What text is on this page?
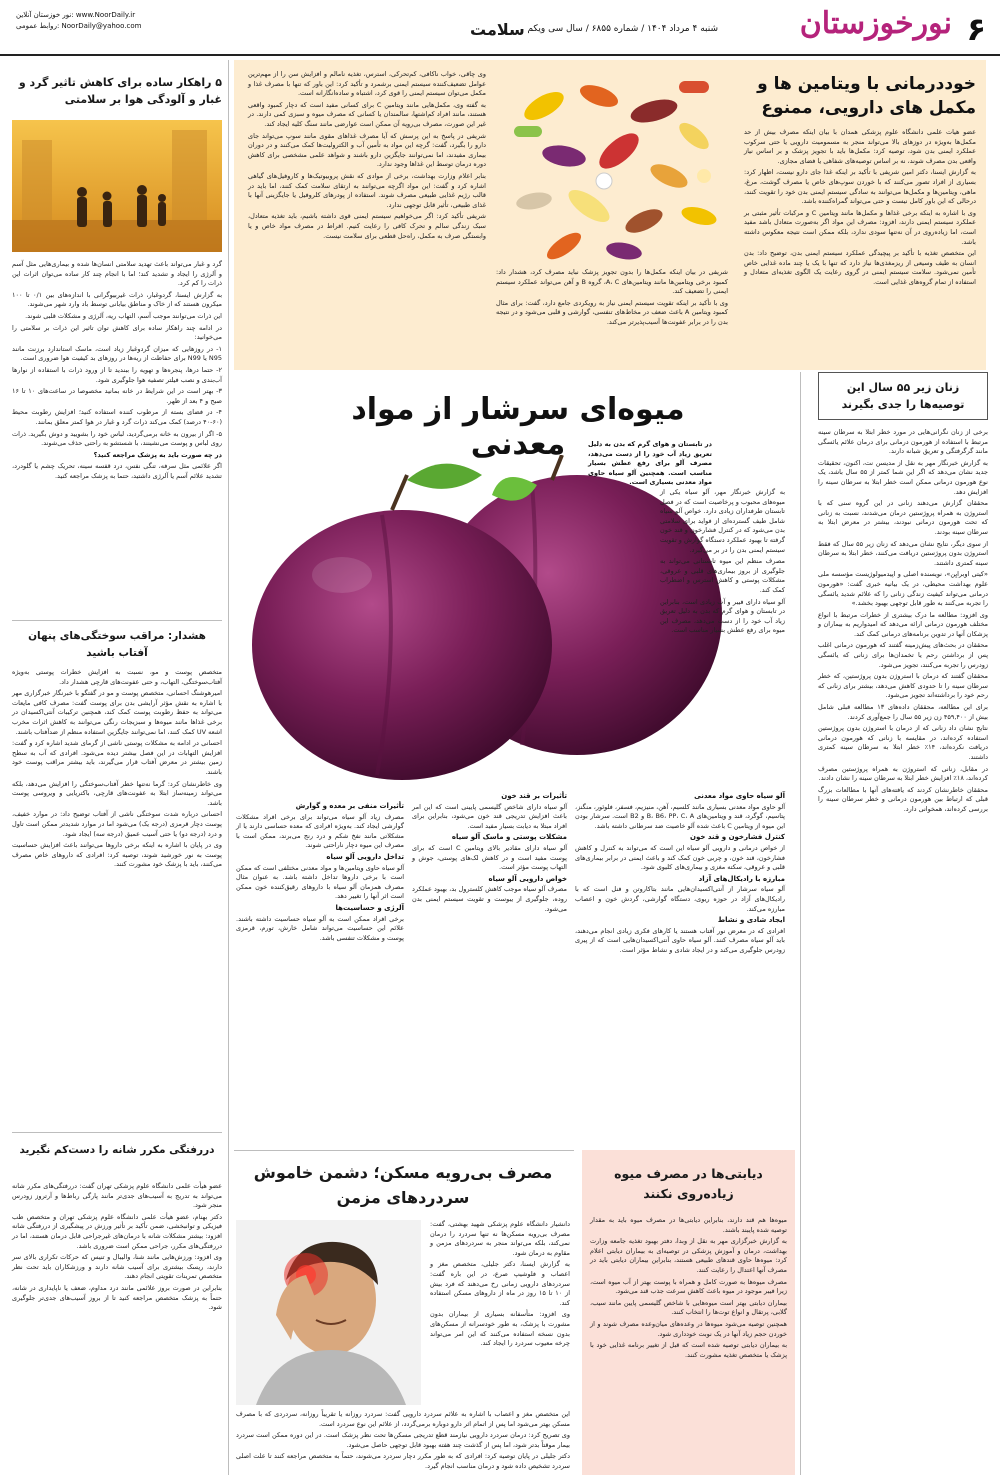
۶
نورخوزستان
شنبه ۴ مرداد ۱۴۰۴ / شماره ۶۸۵۵ / سال سی ویکم
سلامت
نور خوزستان آنلاین: www.NoorDaily.ir
روابط عمومی: NoorDaily@yahoo.com
خوددرمانی با ویتامین ها و مکمل های دارویی، ممنوع

عضو هیات علمی دانشگاه علوم پزشکی همدان با بیان اینکه مصرف بیش از حد مکمل‌ها به‌ویژه در دوزهای بالا می‌تواند منجر به مسمومیت دارویی یا حتی سرکوب عملکرد ایمنی بدن شود، توصیه کرد: مکمل‌ها باید با تجویز پزشک و بر اساس نیاز واقعی بدن مصرف شوند، نه بر اساس توصیه‌های شفاهی یا فضای مجازی.

به گزارش ایسنا، دکتر امین شریفی با تأکید بر اینکه غذا جای دارو نیست، اظهار کرد: بسیاری از افراد تصور می‌کنند که با خوردن سوپ‌های خاص یا مصرف گوشت، مرغ، ماهی، ویتامین‌ها و مکمل‌ها می‌توانند به سادگی سیستم ایمنی بدن خود را تقویت کنند، درحالی که این باور کامل نیست و حتی می‌تواند گمراه‌کننده باشد.

وی با اشاره به اینکه برخی غذاها و مکمل‌ها مانند ویتامین C و مرکبات تأثیر مثبتی بر عملکرد سیستم ایمنی دارند، افزود: مصرف این مواد اگر به‌صورت متعادل باشد مفید است، اما زیاده‌روی در آن نه‌تنها سودی ندارد، بلکه ممکن است نتیجه معکوس داشته باشد.

این متخصص تغذیه با تأکید بر پیچیدگی عملکرد سیستم ایمنی بدن، توضیح داد: بدن انسان به طیف وسیعی از ریزمغذی‌ها نیاز دارد که تنها با یک یا چند ماده غذایی خاص تأمین نمی‌شود. سلامت سیستم ایمنی در گروی رعایت یک الگوی تغذیه‌ای متعادل و استفاده از تمام گروه‌های غذایی است.

وی چاقی، خواب ناکافی، کم‌تحرکی، استرس، تغذیه نامالم و افزایش سن را از مهم‌ترین عوامل تضعیف‌کننده سیستم ایمنی برشمرد و تأکید کرد: این باور که تنها با مصرف غذا و مکمل می‌توان سیستم ایمنی را قوی کرد، اشتباه و ساده‌انگارانه است.

به گفته وی، مکمل‌هایی مانند ویتامین C برای کسانی مفید است که دچار کمبود واقعی هستند، مانند افراد کم‌اشتها، سالمندان یا کسانی که مصرف میوه و سبزی کمی دارند. در غیر این صورت، مصرف بی‌رویه آن ممکن است عوارضی مانند سنگ کلیه ایجاد کند.

شریفی در پاسخ به این پرسش که آیا مصرف غذاهای مقوی مانند سوپ می‌تواند جای دارو را بگیرد، گفت: گرچه این مواد به تأمین آب و الکترولیت‌ها کمک می‌کنند و در دوران بیماری مفیدند، اما نمی‌توانند جایگزین دارو باشند و شواهد علمی مشخصی برای کاهش دوره درمان توسط این غذاها وجود ندارد.

بنابر اعلام وزارت بهداشت، برخی از موادی که نقش پروبیوتیک‌ها و کاروفیل‌های گیاهی اشاره کرد و گفت: این مواد اگرچه می‌توانند به ارتقای سلامت کمک کنند، اما باید در قالب رژیم غذایی طبیعی مصرف شوند. استفاده از پودرهای کلروفیل یا جایگزینی آنها با غذای طبیعی، تأثیر قابل توجهی ندارد.

شریفی تأکید کرد: اگر می‌خواهیم سیستم ایمنی قوی داشته باشیم، باید تغذیه متعادل، سبک زندگی سالم و تحرک کافی را رعایت کنیم. افراط در مصرف مواد خاص و یا وابستگی صرف به مکمل، راه‌حل قطعی برای سلامت نیست.

شریفی در بیان اینکه مکمل‌ها را بدون تجویز پزشک نباید مصرف کرد، هشدار داد: کمبود برخی ویتامین‌ها مانند ویتامین‌های A، C، گروه B و آهن می‌تواند عملکرد سیستم ایمنی را تضعیف کند.

وی با تأکید بر اینکه تقویت سیستم ایمنی نیاز به رویکردی جامع دارد، گفت: برای مثال کمبود ویتامین A باعث ضعف در مخاط‌های تنفسی، گوارشی و قلبی می‌شود و در نتیجه بدن را در برابر عفونت‌ها آسیب‌پذیرتر می‌کند.

۵ راهکار ساده برای کاهش تاثیر گرد و غبار و آلودگی هوا بر سلامتی

گرد و غبار می‌تواند باعث تهدید سلامتی انسان‌ها شده و بیماری‌هایی مثل آسم و آلرژی را ایجاد و تشدید کند؛ اما با انجام چند کار ساده می‌توان اثرات این ذرات را کم کرد.

به گزارش ایسنا، گردوغبار، ذرات غیربیوگرانی با اندازه‌های بین ۰/۱ تا ۱۰۰ میکرون هستند که از خاک و مناطق بیابانی توسط باد وارد شهر می‌شوند.

این ذرات می‌توانند موجب آسم، التهاب ریه، آلرژی و مشکلات قلبی شوند.

در ادامه چند راهکار ساده برای کاهش توان تاثیر این ذرات بر سلامتی را می‌خوانید:

۱- در روزهایی که میزان گردوغبار زیاد است، ماسک استاندارد برزنت مانند N95 یا N99 برای حفاظت از ریه‌ها در روزهای بد کیفیت هوا ضروری است.

۲- حتما درها، پنجره‌ها و تهویه را ببندید تا از ورود ذرات با استفاده از نوارها آب‌بندی و نصب فیلتر تصفیه هوا جلوگیری شود.

۳- بهتر است در این شرایط در خانه بمانید مخصوصا در ساعت‌های ۱۰ تا ۱۶ صبح و ۴ بعد از ظهر.

۴- در فضای بسته از مرطوب کننده استفاده کنید؛ افزایش رطوبت محیط (۶۰-۴۰ درصد) کمک می‌کند ذرات گرد و غبار در هوا کمتر معلق بمانند.

۵- اگر از بیرون به خانه برمی‌گردید، لباس خود را بشویید و دوش بگیرید. ذرات روی لباس و پوست می‌نشینند، با شستشو به راحتی حذف می‌شوند.

در چه صورت باید به پزشک مراجعه کنید؟

اگر علائمی مثل سرفه، تنگی نفس، درد قفسه سینه، تحریک چشم یا گلودرد، تشدید علائم آسم یا آلرژی داشتید، حتما به پزشک مراجعه کنید.

هشدار: مراقب سوختگی‌های پنهان آفتاب باشید

متخصص پوست و مو، نسبت به افزایش خطرات پوستی به‌ویژه آفتاب‌سوختگی، التهاب، و حتی عفونت‌های قارچی هشدار داد.

امیرهوشنگ احسانی، متخصص پوست و مو در گفتگو با خبرنگار خبرگزاری مهر با اشاره به نقش مؤثر آرایشی بدن برای پوست گفت: مصرف کافی مایعات می‌تواند به حفظ رطوبت پوست کمک کند، همچنین ترکیبات آنتی‌اکسیدان در برخی غذاها مانند میوه‌ها و سبزیجات رنگی می‌توانند به کاهش اثرات مخرب اشعه UV کمک کنند، اما نمی‌توانند جایگزین استفاده منظم از ضدآفتاب باشند.

احسانی در ادامه به مشکلات پوستی ناشی از گرمای شدید اشاره کرد و گفت: افزایش التهابات در این فصل بیشتر دیده می‌شود. افرادی که آب به سطح زمین بیشتر در معرض آفتاب قرار می‌گیرند، باید بیشتر مراقب پوست خود باشند.

وی خاطرنشان کرد: گرما نه‌تنها خطر آفتاب‌سوختگی را افزایش می‌دهد، بلکه می‌تواند زمینه‌ساز ابتلا به عفونت‌های قارچی، باکتریایی و ویروسی پوست باشد.

احسانی درباره شدت سوختگی ناشی از آفتاب توضیح داد: در موارد خفیف، پوست دچار قرمزی (درجه یک) می‌شود اما در موارد شدیدتر ممکن است تاول و درد (درجه دو) یا حتی آسیب عمیق (درجه سه) ایجاد شود.

وی در پایان با اشاره به اینکه برخی داروها می‌توانند باعث افزایش حساسیت پوست به نور خورشید شوند، توصیه کرد: افرادی که داروهای خاص مصرف می‌کنند، باید با پزشک خود مشورت کنند.

دررفتگی مکرر شانه را دست‌کم نگیرید

عضو هیأت علمی دانشگاه علوم پزشکی تهران گفت: دررفتگی‌های مکرر شانه می‌تواند به تدریج به آسیب‌های جدی‌تر مانند پارگی رباط‌ها و آرتروز زودرس منجر شود.

دکتر بهنام، عضو هیأت علمی دانشگاه علوم پزشکی تهران و متخصص طب فیزیکی و توانبخشی، ضمن تأکید بر تأثیر ورزش در پیشگیری از دررفتگی شانه افزود: بیشتر مشکلات شانه با درمان‌های غیرجراحی قابل درمان هستند، اما در دررفتگی‌های مکرر، جراحی ممکن است ضروری باشد.

وی افزود: ورزش‌هایی مانند شنا، والیبال و تنیس که حرکات تکراری بالای سر دارند، ریسک بیشتری برای آسیب شانه دارند و ورزشکاران باید تحت نظر متخصص تمرینات تقویتی انجام دهند.

بنابراین در صورت بروز علائمی مانند درد مداوم، ضعف یا ناپایداری در شانه، حتماً به پزشک متخصص مراجعه کنید تا از بروز آسیب‌های جدی‌تر جلوگیری شود.

میوه‌ای سرشار از مواد معدنی	در تابستان و هوای گرم که بدن به دلیل تعریق زیاد آب خود را از دست می‌دهد، مصرف آلو برای رفع عطش بسیار مناسب است. همچنین آلو سیاه حاوی مواد معدنی بسیاری است.

به گزارش خبرنگار مهر، آلو سیاه یکی از میوه‌های محبوب و پرخاصیت است که در فصل تابستان طرفداران زیادی دارد. خواص آلو سیاه شامل طیف گسترده‌ای از فواید برای سلامتی بدن می‌شود که در کنترل فشارخون و قند خون گرفته تا بهبود عملکرد دستگاه گوارش و تقویت سیستم ایمنی بدن را در بر می‌گیرد.

مصرف منظم این میوه تابستانی می‌تواند به جلوگیری از بروز بیماری‌های قلبی و عروقی، مشکلات پوستی و کاهش استرس و اضطراب کمک کند.

آلو سیاه دارای فیبر و آب زیادی است، بنابراین در تابستان و هوای گرم که بدن به دلیل تعریق زیاد آب خود را از دست می‌دهد، مصرف این میوه برای رفع عطش بسیار مناسب است.

آلو سیاه حاوی مواد معدنی

آلو حاوی مواد معدنی بسیاری مانند کلسیم، آهن، منیزیم، فسفر، فلوئور، منگنز، پتاسیم، گوگرد، قند و ویتامین‌های B، B6، PP، C، A و B2 است. سرشار بودن این میوه از ویتامین C باعث شده آلو خاصیت ضد سرطانی داشته باشد.

کنترل فشارخون و قند خون

از خواص درمانی و دارویی آلو سیاه این است که می‌تواند به کنترل و کاهش فشارخون، قند خون، و چربی خون کمک کند و باعث ایمنی در برابر بیماری‌های قلبی و عروقی، سکته مغزی و بیماری‌های کلیوی شود.

مبارزه با رادیکال‌های آزاد

آلو سیاه سرشار از آنتی‌اکسیدان‌هایی مانند بتاکاروتن و فنل است که با رادیکال‌های آزاد در حوزه ریوی، دستگاه گوارشی، گردش خون و اعصاب مبارزه می‌کند.

ایجاد شادی و نشاط

افرادی که در معرض نور آفتاب هستند یا کارهای فکری زیادی انجام می‌دهند، باید آلو سیاه مصرف کنند. آلو سیاه حاوی آنتی‌اکسیدان‌هایی است که از پیری زودرس جلوگیری می‌کند و در ایجاد شادی و نشاط مؤثر است.

تأثیرات بر قند خون

آلو سیاه دارای شاخص گلیسمی پایینی است که این امر باعث افزایش تدریجی قند خون می‌شود، بنابراین برای افراد مبتلا به دیابت بسیار مفید است.

مشکلات پوستی و ماسک آلو سیاه

آلو سیاه دارای مقادیر بالای ویتامین C است که برای پوست مفید است و در کاهش لک‌های پوستی، جوش و التهاب پوست مؤثر است.

خواص دارویی آلو سیاه

مصرف آلو سیاه موجب کاهش کلسترول بد، بهبود عملکرد روده، جلوگیری از یبوست و تقویت سیستم ایمنی بدن می‌شود.

تأثیرات منفی بر معده و گوارش

مصرف زیاد آلو سیاه می‌تواند برای برخی افراد مشکلات گوارشی ایجاد کند. به‌ویژه افرادی که معده حساسی دارند یا از مشکلاتی مانند نفخ شکم و درد رنج می‌برند، ممکن است با مصرف این میوه دچار ناراحتی شوند.

تداخل دارویی آلو سیاه

آلو سیاه حاوی ویتامین‌ها و مواد معدنی مختلفی است که ممکن است با برخی داروها تداخل داشته باشد. به عنوان مثال مصرف همزمان آلو سیاه با داروهای رقیق‌کننده خون ممکن است اثر آنها را تغییر دهد.

آلرژی و حساسیت‌ها

برخی افراد ممکن است به آلو سیاه حساسیت داشته باشند. علائم این حساسیت می‌تواند شامل خارش، تورم، قرمزی پوست و مشکلات تنفسی باشد.

زنان زیر ۵۵ سال این توصیه‌ها را جدی بگیرند

برخی از زنان نگرانی‌هایی در مورد خطر ابتلا به سرطان سینه مرتبط با استفاده از هورمون درمانی برای درمان علائم یائسگی مانند گرگرفتگی و تعریق شبانه دارند.

به گزارش خبرنگار مهر به نقل از مدیسن نت، اکنون، تحقیقات جدید نشان می‌دهد که اگر این شما کمتر از ۵۵ سال باشد، یک نوع هورمون درمانی ممکن است خطر ابتلا به سرطان سینه را افزایش دهد.

محققان گزارش می‌دهند زنانی در این گروه سنی که با استروژن به همراه پروژستین درمان می‌شدند، نسبت به زنانی که تحت هورمون درمانی نبودند، بیشتر در معرض ابتلا به سرطان سینه بودند.

از سوی دیگر، نتایج نشان می‌دهد که زنان زیر ۵۵ سال که فقط استروژن بدون پروژستین دریافت می‌کنند، خطر ابتلا به سرطان سینه کمتری داشتند.

«کیتی اوبرایِن»، نویسنده اصلی و اپیدمیولوژیست مؤسسه ملی علوم بهداشت محیطی، در یک بیانیه خبری گفت: «هورمون درمانی می‌تواند کیفیت زندگی زنانی را که علائم شدید یائسگی را تجربه می‌کنند به طور قابل توجهی بهبود بخشد.»

وی افزود: مطالعه ما درک بیشتری از خطرات مرتبط با انواع مختلف هورمون درمانی ارائه می‌دهد که امیدواریم به بیماران و پزشکان آنها در تدوین برنامه‌های درمانی کمک کند.

محققان در بحث‌های پیش‌زمینه گفتند که هورمون درمانی اغلب پس از برداشتن رحم یا تخمدان‌ها برای زنانی که یائسگی زودرس را تجربه می‌کنند، تجویز می‌شود.

محققان گفتند که درمان با استروژن بدون پروژستین، که خطر سرطان سینه را تا حدودی کاهش می‌دهد، بیشتر برای زنانی که رحم خود را برداشته‌اند تجویز می‌شود.

برای این مطالعه، محققان داده‌های ۱۳ مطالعه قبلی شامل بیش از ۴۵۹,۴۰۰ زن زیر ۵۵ سال را جمع‌آوری کردند.

نتایج نشان داد زنانی که از درمان با استروژن بدون پروژستین استفاده کرده‌اند، در مقایسه با زنانی که هورمون درمانی دریافت نکرده‌اند، ۱۴٪ خطر ابتلا به سرطان سینه کمتری داشتند.

در مقابل، زنانی که استروژن به همراه پروژستین مصرف کرده‌اند، ۱۸٪ افزایش خطر ابتلا به سرطان سینه را نشان دادند.

محققان خاطرنشان کردند که یافته‌های آنها با مطالعات بزرگ قبلی که ارتباط بین هورمون درمانی و خطر سرطان سینه را بررسی کرده‌اند، همخوانی دارد.

دیابتی‌ها در مصرف میوه زیاده‌روی نکنند

میوه‌ها هم قند دارند، بنابراین دیابتی‌ها در مصرف میوه باید به مقدار توصیه شده پایبند باشند.

به گزارش خبرگزاری مهر به نقل از وبدا، دفتر بهبود تغذیه جامعه وزارت بهداشت، درمان و آموزش پزشکی در توصیه‌ای به بیماران دیابتی اعلام کرد: میوه‌ها حاوی قندهای طبیعی هستند، بنابراین بیماران دیابتی باید در مصرف آنها اعتدال را رعایت کنند.

مصرف میوه‌ها به صورت کامل و همراه با پوست بهتر از آب میوه است، زیرا فیبر موجود در میوه باعث کاهش سرعت جذب قند می‌شود.

بیماران دیابتی بهتر است میوه‌هایی با شاخص گلیسمی پایین مانند سیب، گلابی، پرتقال و انواع توت‌ها را انتخاب کنند.

همچنین توصیه می‌شود میوه‌ها در وعده‌های میان‌وعده مصرف شوند و از خوردن حجم زیاد آنها در یک نوبت خودداری شود.

به بیماران دیابتی توصیه شده است که قبل از تغییر برنامه غذایی خود با پزشک یا متخصص تغذیه مشورت کنند.

مصرف بی‌رویه مسکن؛ دشمن خاموش سردردهای مزمن

دانشیار دانشگاه علوم پزشکی شهید بهشتی، گفت: مصرف بی‌رویه مسکن‌ها نه تنها سردرد را درمان نمی‌کند، بلکه می‌تواند منجر به سردردهای مزمن و مقاوم به درمان شود.

به گزارش ایسنا، دکتر جلیلی، متخصص مغز و اعصاب و فلوشیپ صرع، در این باره گفت: سردردهای دارویی زمانی رخ می‌دهند که فرد بیش از ۱۰ تا ۱۵ روز در ماه از داروهای مسکن استفاده کند.

وی افزود: متأسفانه بسیاری از بیماران بدون مشورت با پزشک، به طور خودسرانه از مسکن‌های بدون نسخه استفاده می‌کنند که این امر می‌تواند چرخه معیوب سردرد را ایجاد کند.

این متخصص مغز و اعصاب با اشاره به علائم سردرد دارویی گفت: سردرد روزانه یا تقریباً روزانه، سردردی که با مصرف مسکن بهتر می‌شود اما پس از اتمام اثر دارو دوباره برمی‌گردد، از علائم این نوع سردرد است.

وی تصریح کرد: درمان سردرد دارویی نیازمند قطع تدریجی مسکن‌ها تحت نظر پزشک است. در این دوره ممکن است سردرد بیمار موقتاً بدتر شود، اما پس از گذشت چند هفته بهبود قابل توجهی حاصل می‌شود.

دکتر جلیلی در پایان توصیه کرد: افرادی که به طور مکرر دچار سردرد می‌شوند، حتماً به متخصص مراجعه کنند تا علت اصلی سردرد تشخیص داده شود و درمان مناسب انجام گیرد.
